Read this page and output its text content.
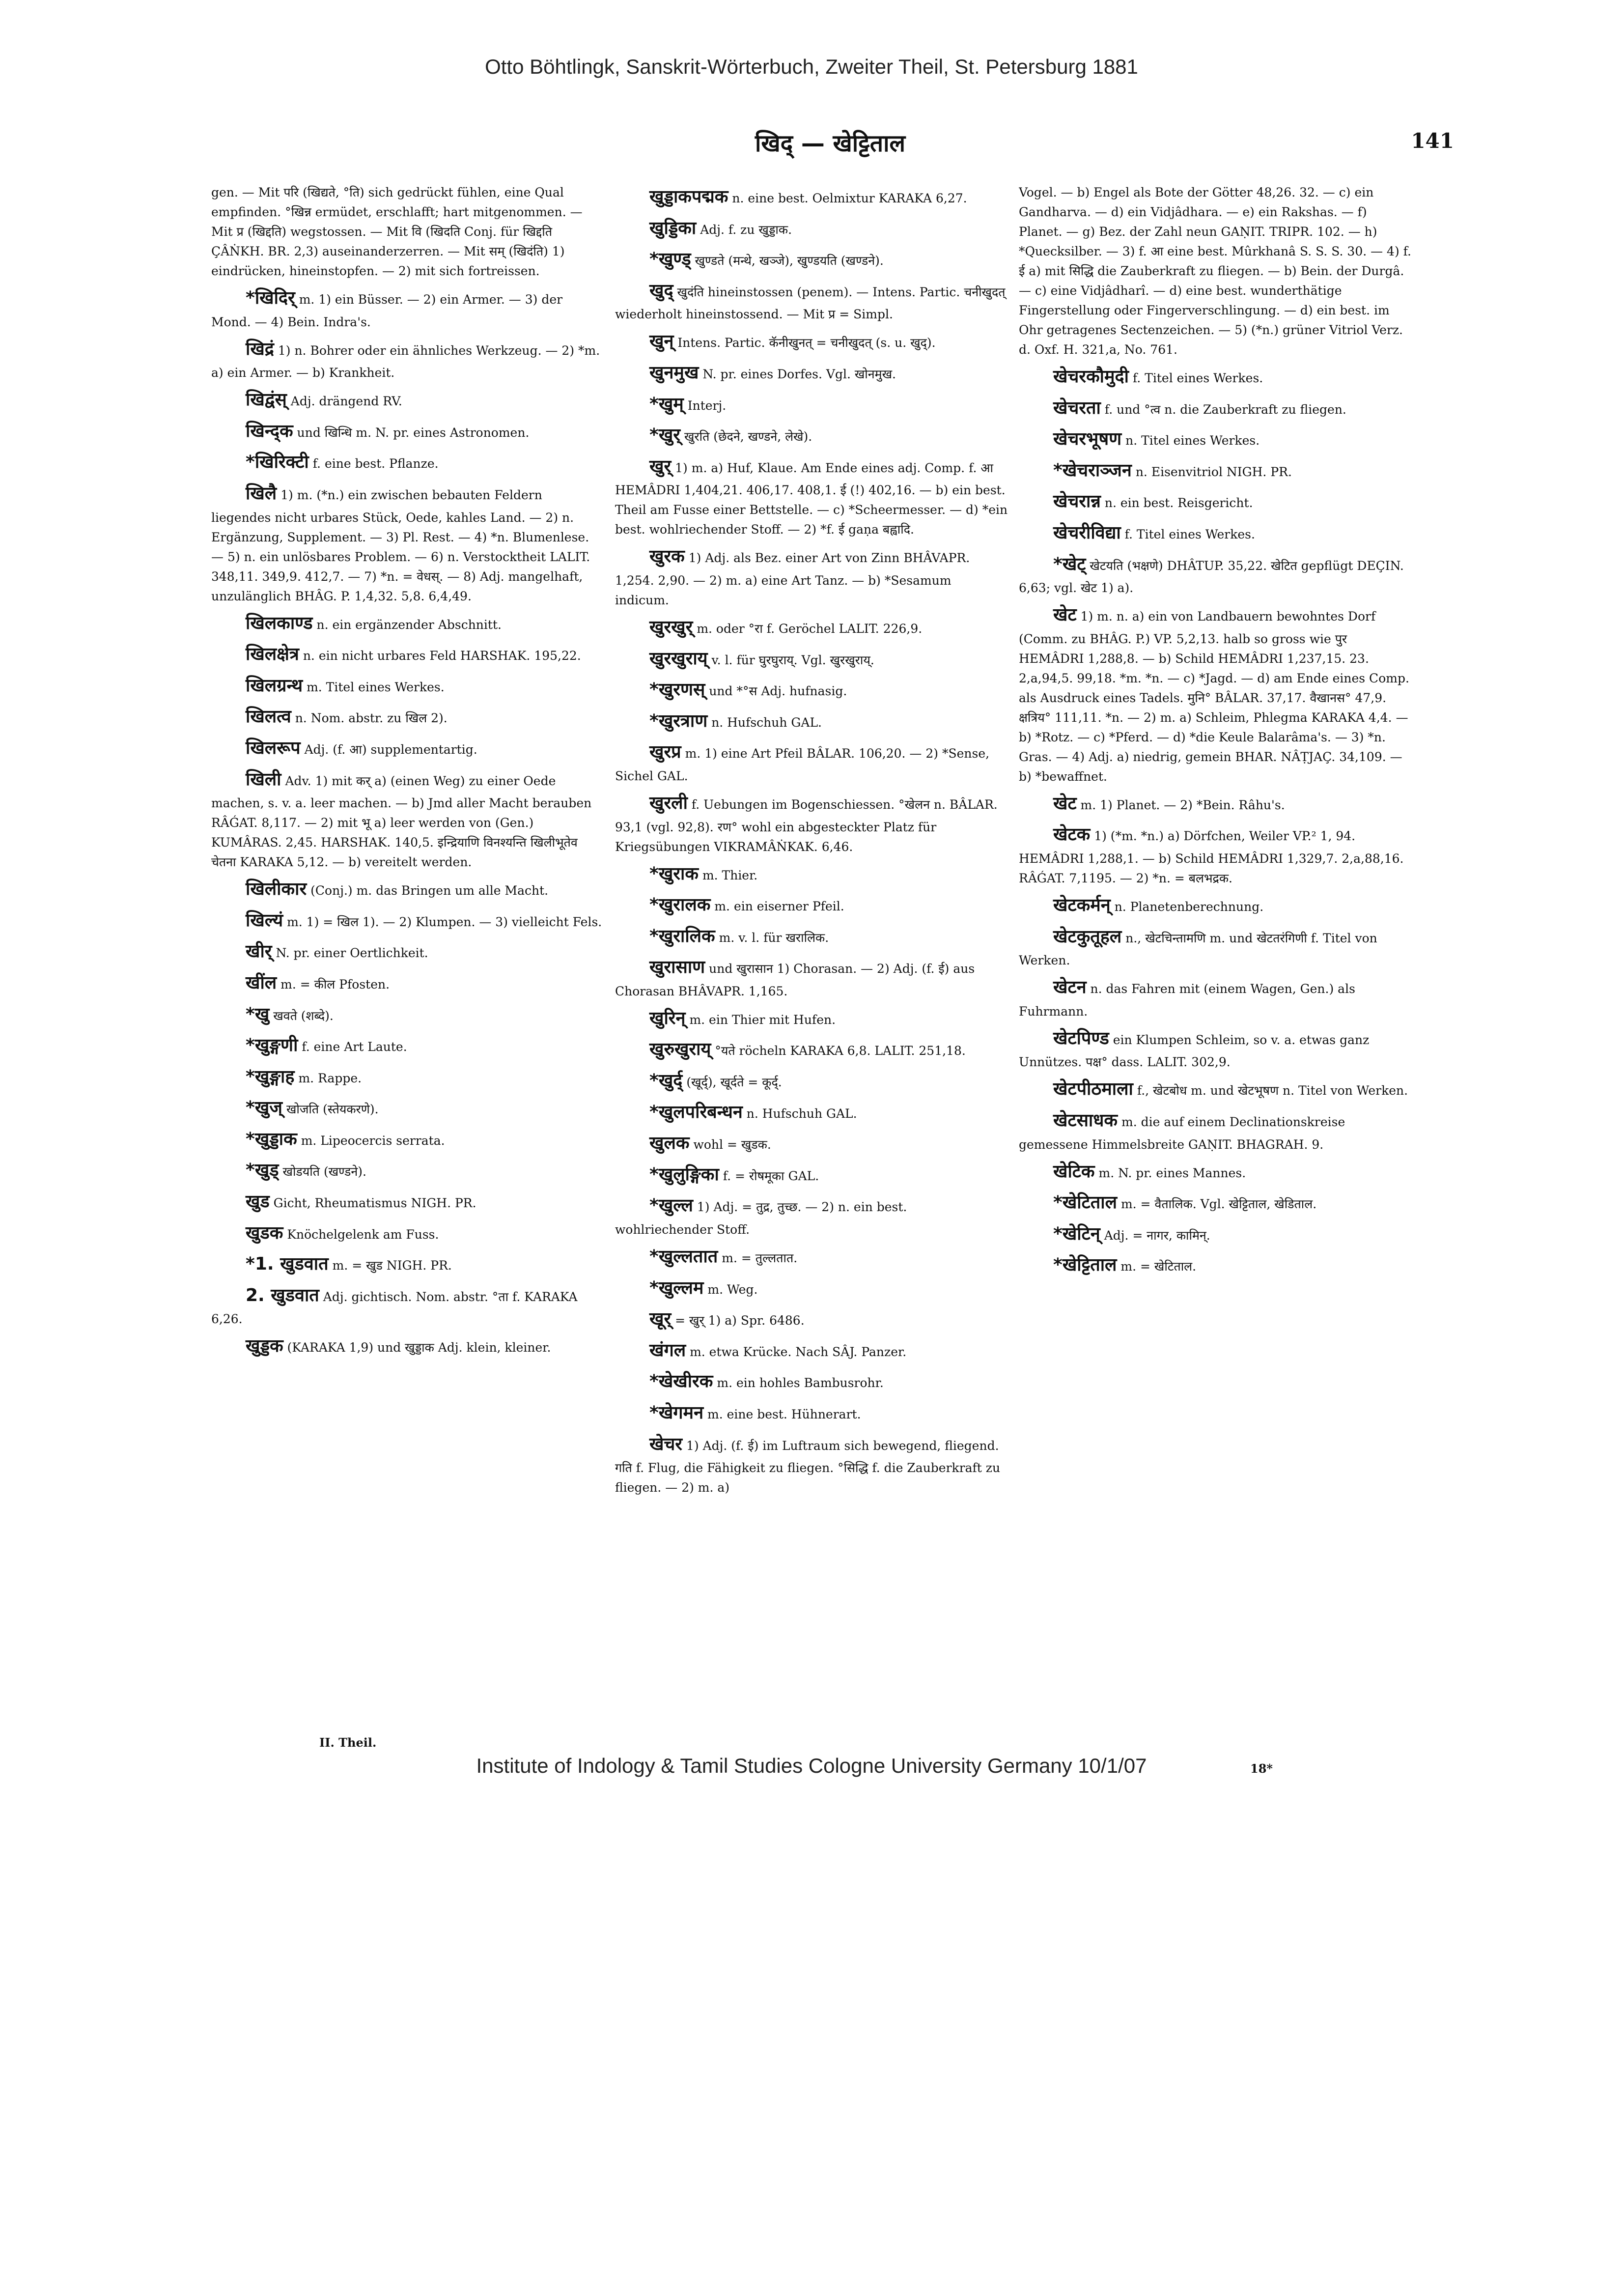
Otto Böhtlingk, Sanskrit-Wörterbuch, Zweiter Theil, St. Petersburg 1881
खिद् — खेट्टिताल	141

gen. — Mit परि (खिद्यते, °ति) sich gedrückt fühlen, eine Qual empfinden. °खिन्न ermüdet, erschlafft; hart mitgenommen. — Mit प्र (खिद्दति) wegstossen. — Mit वि (खिदति Conj. für खिद्दति ÇÂṄKH. BR. 2,3) auseinanderzerren. — Mit सम् (खिदंति) 1) eindrücken, hineinstopfen. — 2) mit sich fortreissen.

*खिदिर् m. 1) ein Büsser. — 2) ein Armer. — 3) der Mond. — 4) Bein. Indra's.

खिद्रं 1) n. Bohrer oder ein ähnliches Werkzeug. — 2) *m. a) ein Armer. — b) Krankheit.

खिद्वंस् Adj. drängend RV.

खिन्द्क und खिन्धि m. N. pr. eines Astronomen.

*खिरिक्टी f. eine best. Pflanze.

खिलै 1) m. (*n.) ein zwischen bebauten Feldern liegendes nicht urbares Stück, Oede, kahles Land. — 2) n. Ergänzung, Supplement. — 3) Pl. Rest. — 4) *n. Blumenlese. — 5) n. ein unlösbares Problem. — 6) n. Verstocktheit LALIT. 348,11. 349,9. 412,7. — 7) *n. = वेधस्. — 8) Adj. mangelhaft, unzulänglich BHÂG. P. 1,4,32. 5,8. 6,4,49.

खिलकाण्ड n. ein ergänzender Abschnitt.

खिलक्षेत्र n. ein nicht urbares Feld HARSHAK. 195,22.

खिलग्रन्थ m. Titel eines Werkes.

खिलत्व n. Nom. abstr. zu खिल 2).

खिलरूप Adj. (f. आ) supplementartig.

खिली Adv. 1) mit कर् a) (einen Weg) zu einer Oede machen, s. v. a. leer machen. — b) Jmd aller Macht berauben RÂǴAT. 8,117. — 2) mit भू a) leer werden von (Gen.) KUMÂRAS. 2,45. HARSHAK. 140,5. इन्द्रियाणि विनश्यन्ति खिलीभूतेव चेतना KARAKA 5,12. — b) vereitelt werden.

खिलीकार (Conj.) m. das Bringen um alle Macht.

खिल्यं m. 1) = खिल 1). — 2) Klumpen. — 3) vielleicht Fels.

खीर् N. pr. einer Oertlichkeit.

खींल m. = कील Pfosten.

*खु खवते (शब्दे).

*खुङ्गणी f. eine Art Laute.

*खुङ्गाह m. Rappe.

*खुज् खोजति (स्तेयकरणे).

*खुड्डाक m. Lipeocercis serrata.

*खुड् खोडयति (खण्डने).

खुड Gicht, Rheumatismus NIGH. PR.

खुडक Knöchelgelenk am Fuss.

*1. खुडवात m. = खुड NIGH. PR.

2. खुडवात Adj. gichtisch. Nom. abstr. °ता f. KARAKA 6,26.

खुड्डक (KARAKA 1,9) und खुड्डाक Adj. klein, kleiner.

खुड्डाकपद्मक n. eine best. Oelmixtur KARAKA 6,27.

खुड्डिका Adj. f. zu खुड्डाक.

*खुण्ड् खुण्डते (मन्थे, खञ्जे), खुण्डयति (खण्डने).

खुद् खुदंति hineinstossen (penem). — Intens. Partic. चनीखुदत् wiederholt hineinstossend. — Mit प्र = Simpl.

खुन् Intens. Partic. कॅनीखुनत् = चनीखुदत् (s. u. खुद्).

खुनमुख N. pr. eines Dorfes. Vgl. खोनमुख.

*खुम् Interj.

*खुर् खुरति (छेदने, खण्डने, लेखे).

खुर् 1) m. a) Huf, Klaue. Am Ende eines adj. Comp. f. आ HEMÂDRI 1,404,21. 406,17. 408,1. ई (!) 402,16. — b) ein best. Theil am Fusse einer Bettstelle. — c) *Scheermesser. — d) *ein best. wohlriechender Stoff. — 2) *f. ई gaṇa बह्वादि.

खुरक 1) Adj. als Bez. einer Art von Zinn BHÂVAPR. 1,254. 2,90. — 2) m. a) eine Art Tanz. — b) *Sesamum indicum.

खुरखुर् m. oder °रा f. Geröchel LALIT. 226,9.

खुरखुराय् v. l. für घुरघुराय्. Vgl. खुरखुराय्.

*खुरणस् und *°स Adj. hufnasig.

*खुरत्राण n. Hufschuh GAL.

खुरप्र m. 1) eine Art Pfeil BÂLAR. 106,20. — 2) *Sense, Sichel GAL.

खुरली f. Uebungen im Bogenschiessen. °खेलन n. BÂLAR. 93,1 (vgl. 92,8). रण° wohl ein abgesteckter Platz für Kriegsübungen VIKRAMÂṄKAK. 6,46.

*खुराक m. Thier.

*खुरालक m. ein eiserner Pfeil.

*खुरालिक m. v. l. für खरालिक.

खुरासाण und खुरासान 1) Chorasan. — 2) Adj. (f. ई) aus Chorasan BHÂVAPR. 1,165.

खुरिन् m. ein Thier mit Hufen.

खुरुखुराय् °यते röcheln KARAKA 6,8. LALIT. 251,18.

*खुर्द् (खूर्द्), खूर्दते = कूर्द्.

*खुलपरिबन्धन n. Hufschuh GAL.

खुलक wohl = खुडक.

*खुलुङ्गिका f. = रोषमूका GAL.

*खुल्ल 1) Adj. = तुद्र, तुच्छ. — 2) n. ein best. wohlriechender Stoff.

*खुल्लतात m. = तुल्लतात.

*खुल्लम m. Weg.

खूर् = खुर् 1) a) Spr. 6486.

खंगल m. etwa Krücke. Nach SÂJ. Panzer.

*खेखीरक m. ein hohles Bambusrohr.

*खेगमन m. eine best. Hühnerart.

खेचर 1) Adj. (f. ई) im Luftraum sich bewegend, fliegend. गति f. Flug, die Fähigkeit zu fliegen. °सिद्धि f. die Zauberkraft zu fliegen. — 2) m. a)

Vogel. — b) Engel als Bote der Götter 48,26. 32. — c) ein Gandharva. — d) ein Vidjâdhara. — e) ein Rakshas. — f) Planet. — g) Bez. der Zahl neun GAṆIT. TRIPR. 102. — h) *Quecksilber. — 3) f. आ eine best. Mûrkhanâ S. S. S. 30. — 4) f. ई a) mit सिद्धि die Zauberkraft zu fliegen. — b) Bein. der Durgâ. — c) eine Vidjâdharî. — d) eine best. wunderthätige Fingerstellung oder Fingerverschlingung. — d) ein best. im Ohr getragenes Sectenzeichen. — 5) (*n.) grüner Vitriol Verz. d. Oxf. H. 321,a, No. 761.

खेचरकौमुदी f. Titel eines Werkes.

खेचरता f. und °त्व n. die Zauberkraft zu fliegen.

खेचरभूषण n. Titel eines Werkes.

*खेचराञ्जन n. Eisenvitriol NIGH. PR.

खेचरान्न n. ein best. Reisgericht.

खेचरीविद्या f. Titel eines Werkes.

*खेट् खेटयति (भक्षणे) DHÂTUP. 35,22. खेटित gepflügt DEÇIN. 6,63; vgl. खेट 1) a).

खेट 1) m. n. a) ein von Landbauern bewohntes Dorf (Comm. zu BHÂG. P.) VP. 5,2,13. halb so gross wie पुर HEMÂDRI 1,288,8. — b) Schild HEMÂDRI 1,237,15. 23. 2,a,94,5. 99,18. *m. *n. — c) *Jagd. — d) am Ende eines Comp. als Ausdruck eines Tadels. मुनि° BÂLAR. 37,17. वैखानस° 47,9. क्षत्रिय° 111,11. *n. — 2) m. a) Schleim, Phlegma KARAKA 4,4. — b) *Rotz. — c) *Pferd. — d) *die Keule Balarâma's. — 3) *n. Gras. — 4) Adj. a) niedrig, gemein BHAR. NÂṬJAÇ. 34,109. — b) *bewaffnet.

खेट m. 1) Planet. — 2) *Bein. Râhu's.

खेटक 1) (*m. *n.) a) Dörfchen, Weiler VP.² 1, 94. HEMÂDRI 1,288,1. — b) Schild HEMÂDRI 1,329,7. 2,a,88,16. RÂǴAT. 7,1195. — 2) *n. = बलभद्रक.

खेटकर्मन् n. Planetenberechnung.

खेटकुतूहल n., खेटचिन्तामणि m. und खेटतरंगिणी f. Titel von Werken.

खेटन n. das Fahren mit (einem Wagen, Gen.) als Fuhrmann.

खेटपिण्ड ein Klumpen Schleim, so v. a. etwas ganz Unnützes. पक्ष° dass. LALIT. 302,9.

खेटपीठमाला f., खेटबोध m. und खेटभूषण n. Titel von Werken.

खेटसाधक m. die auf einem Declinationskreise gemessene Himmelsbreite GAṆIT. BHAGRAH. 9.

खेटिक m. N. pr. eines Mannes.

*खेटिताल m. = वैतालिक. Vgl. खेट्टिताल, खेडिताल.

*खेटिन् Adj. = नागर, कामिन्.

*खेट्टिताल m. = खेटिताल.

II. Theil.
Institute of Indology & Tamil Studies Cologne University Germany 10/1/07	18*
